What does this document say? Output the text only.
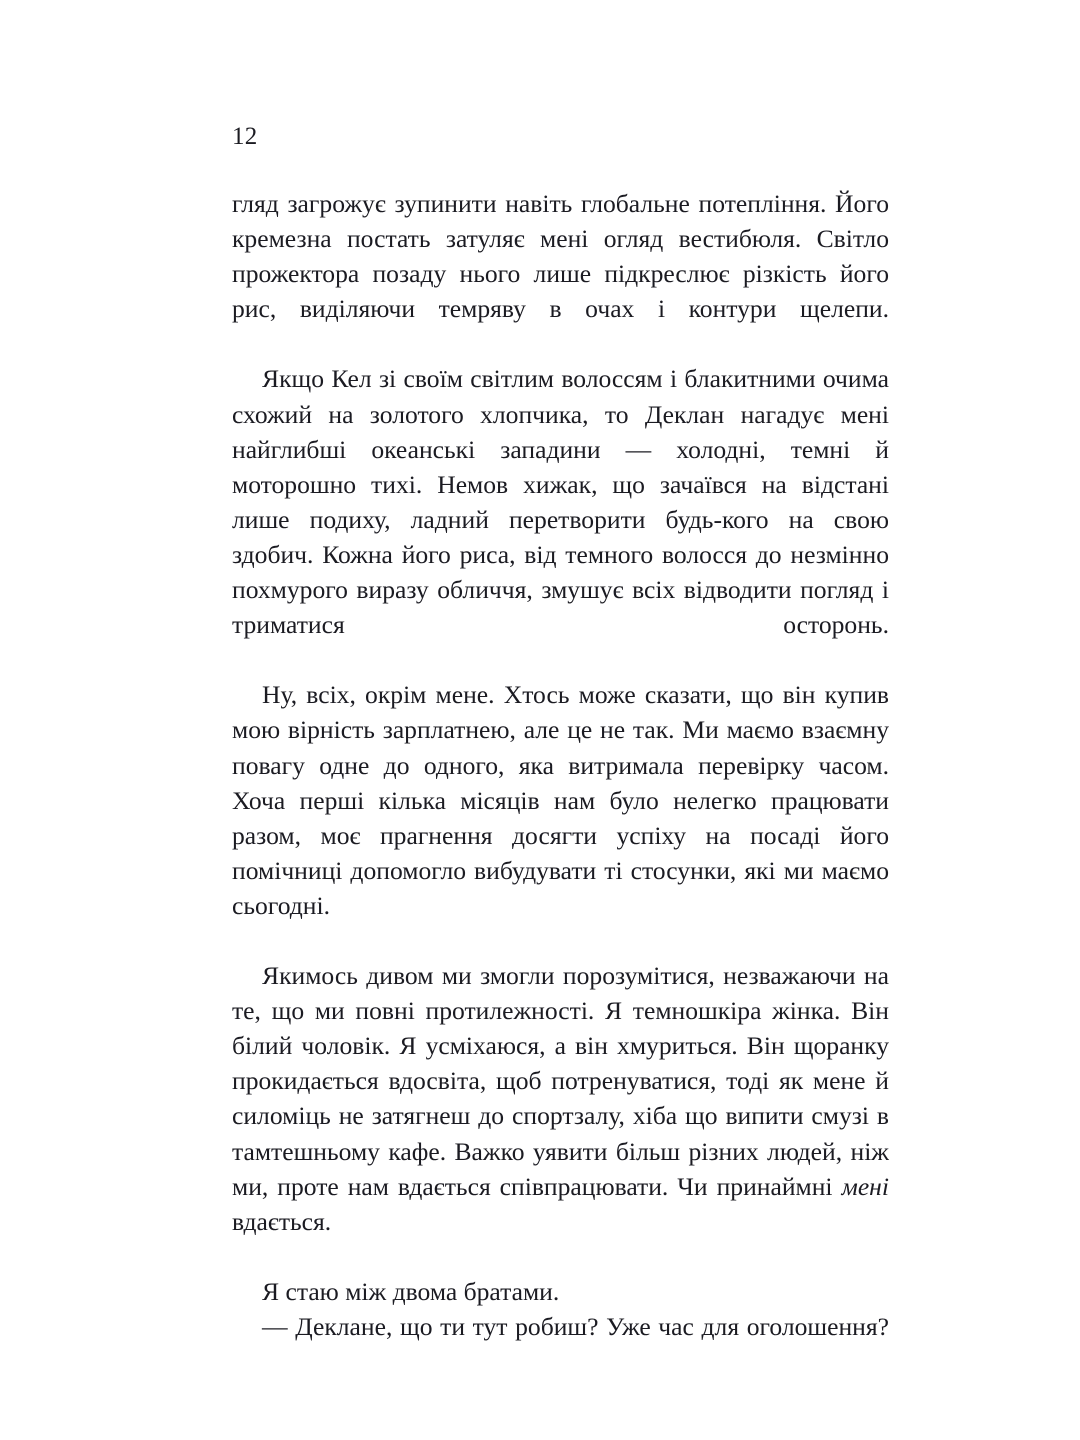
12

гляд загрожує зупинити навіть глобальне потепління. Його кремезна постать затуляє мені огляд вестибюля. Світло прожектора позаду нього лише підкреслює різкість його рис, виділяючи темряву в очах і контури щелепи.

Якщо Кел зі своїм світлим волоссям і блакитними очима схожий на золотого хлопчика, то Деклан нагадує мені найглибші океанські западини — холодні, темні й моторошно тихі. Немов хижак, що зачаївся на відстані лише подиху, ладний перетворити будь-кого на свою здобич. Кожна його риса, від темного волосся до незмінно похмурого виразу обличчя, змушує всіх відводити погляд і триматися осторонь.

Ну, всіх, окрім мене. Хтось може сказати, що він купив мою вірність зарплатнею, але це не так. Ми маємо взаємну повагу одне до одного, яка витримала перевірку часом. Хоча перші кілька місяців нам було нелегко працювати разом, моє прагнення досягти успіху на посаді його помічниці допомогло вибудувати ті стосунки, які ми маємо сьогодні.

Якимось дивом ми змогли порозумітися, незважаючи на те, що ми повні протилежності. Я темношкіра жінка. Він білий чоловік. Я усміхаюся, а він хмуриться. Він щоранку прокидається вдосвіта, щоб потренуватися, тоді як мене й силоміць не затягнеш до спортзалу, хіба що випити смузі в тамтешньому кафе. Важко уявити більш різних людей, ніж ми, проте нам вдається співпрацювати. Чи принаймні мені вдається.

Я стаю між двома братами.

— Деклане, що ти тут робиш? Уже час для оголошення?
